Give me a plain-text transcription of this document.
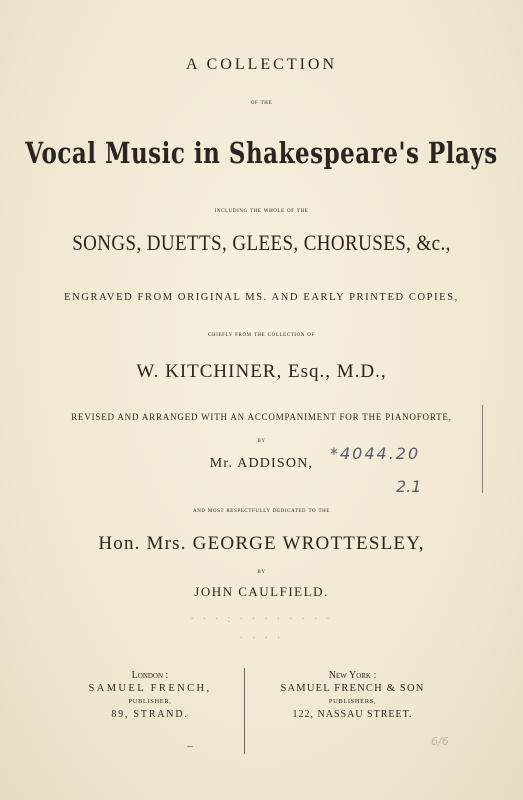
A COLLECTION
of the
Vocal Music in Shakespeare's Plays
including the whole of the
SONGS, DUETTS, GLEES, CHORUSES, &c.,
ENGRAVED FROM ORIGINAL MS. AND EARLY PRINTED COPIES,
chiefly from the collection of
W. KITCHINER, Esq., M.D.,
REVISED AND ARRANGED WITH AN ACCOMPANIMENT FOR THE PIANOFORTE,
by
Mr. ADDISON,
and most respectfully dedicated to the
Hon. Mrs. GEORGE WROTTESLEY,
by
JOHN CAULFIELD.
· · · : · · · · · · · ·
· · · ·
*4044.20
2.1
6/6
London :
SAMUEL FRENCH,
PUBLISHER,
89, STRAND.
New York :
SAMUEL FRENCH & SON
PUBLISHERS,
122, NASSAU STREET.
